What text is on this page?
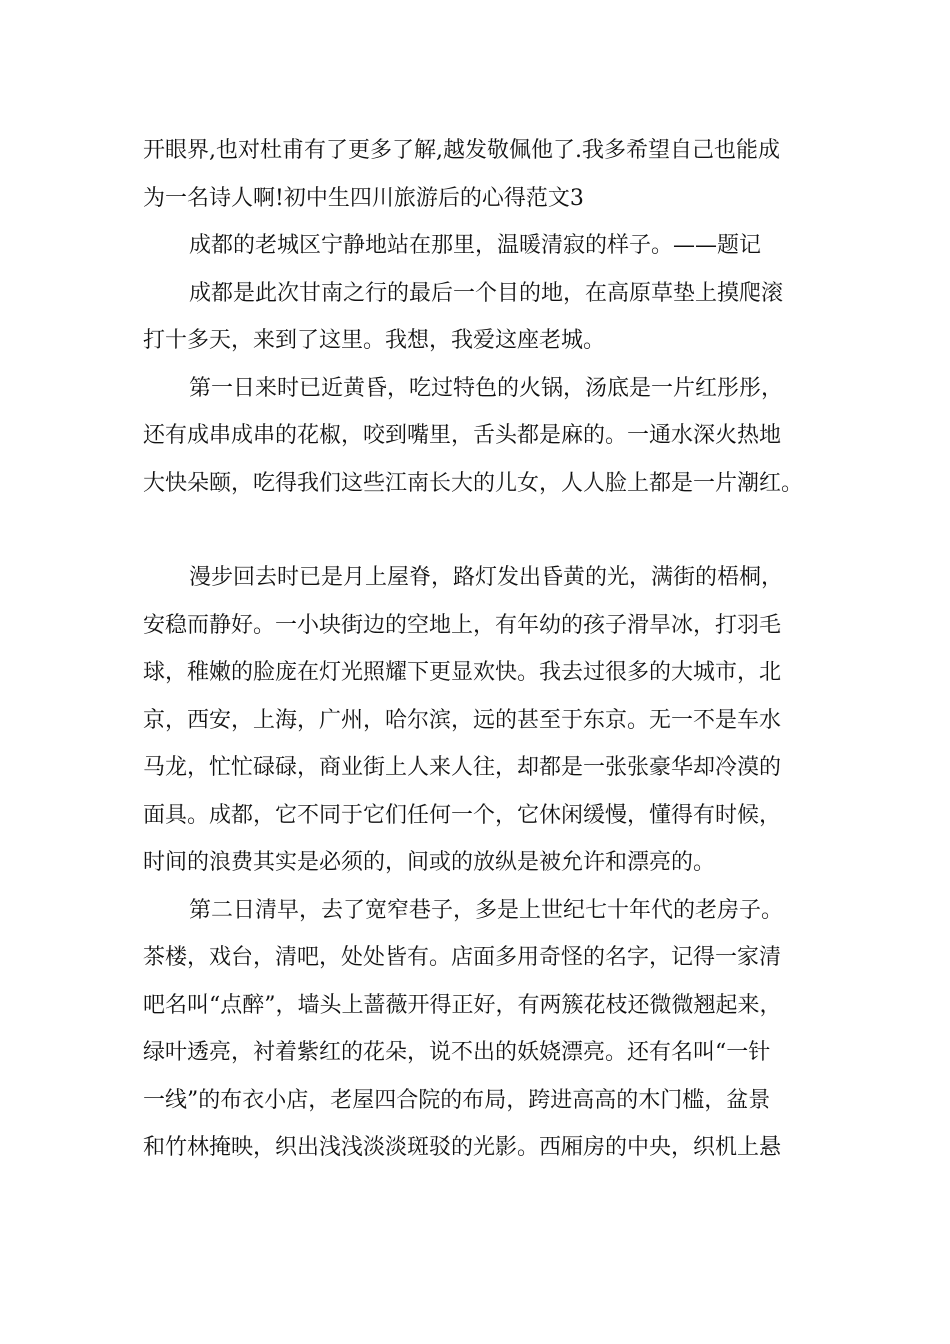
开眼界,也对杜甫有了更多了解,越发敬佩他了.我多希望自己也能成
为一名诗人啊!初中生四川旅游后的心得范文3
成都的老城区宁静地站在那里，温暖清寂的样子。——题记
成都是此次甘南之行的最后一个目的地，在高原草垫上摸爬滚
打十多天，来到了这里。我想，我爱这座老城。
第一日来时已近黄昏，吃过特色的火锅，汤底是一片红彤彤，
还有成串成串的花椒，咬到嘴里，舌头都是麻的。一通水深火热地
大快朵颐，吃得我们这些江南长大的儿女，人人脸上都是一片潮红。
漫步回去时已是月上屋脊，路灯发出昏黄的光，满街的梧桐，
安稳而静好。一小块街边的空地上，有年幼的孩子滑旱冰，打羽毛
球，稚嫩的脸庞在灯光照耀下更显欢快。我去过很多的大城市，北
京，西安，上海，广州，哈尔滨，远的甚至于东京。无一不是车水
马龙，忙忙碌碌，商业街上人来人往，却都是一张张豪华却冷漠的
面具。成都，它不同于它们任何一个，它休闲缓慢，懂得有时候，
时间的浪费其实是必须的，间或的放纵是被允许和漂亮的。
第二日清早，去了宽窄巷子，多是上世纪七十年代的老房子。
茶楼，戏台，清吧，处处皆有。店面多用奇怪的名字，记得一家清
吧名叫“点醉”，墙头上蔷薇开得正好，有两簇花枝还微微翘起来，
绿叶透亮，衬着紫红的花朵，说不出的妖娆漂亮。还有名叫“一针
一线”的布衣小店，老屋四合院的布局，跨进高高的木门槛，盆景
和竹林掩映，织出浅浅淡淡斑驳的光影。西厢房的中央，织机上悬
